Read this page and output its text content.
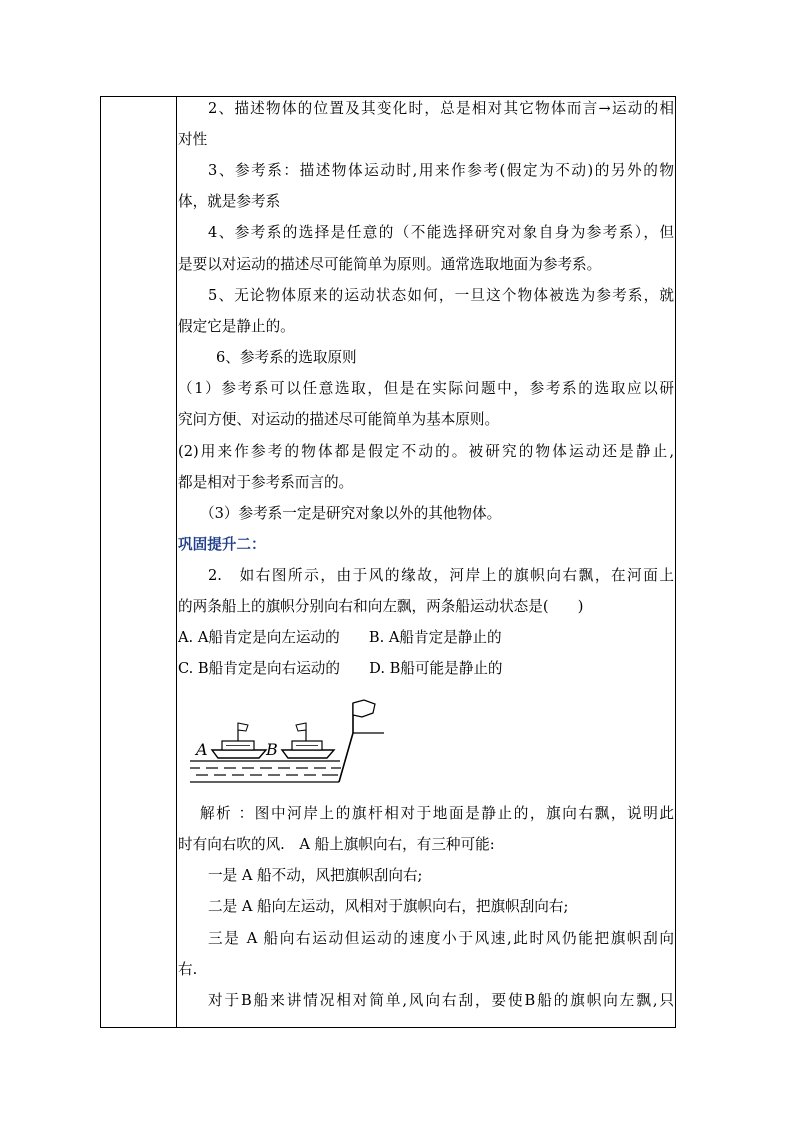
2、描述物体的位置及其变化时，总是相对其它物体而言→运动的相
对性
3、参考系：描述物体运动时,用来作参考(假定为不动)的另外的物
体，就是参考系
4、参考系的选择是任意的（不能选择研究对象自身为参考系），但
是要以对运动的描述尽可能简单为原则。通常选取地面为参考系。
5、无论物体原来的运动状态如何，一旦这个物体被选为参考系，就
假定它是静止的。
6、参考系的选取原则
（1）参考系可以任意选取，但是在实际问题中，参考系的选取应以研
究问方便、对运动的描述尽可能简单为基本原则。
(2)用来作参考的物体都是假定不动的。被研究的物体运动还是静止,
都是相对于参考系而言的。
（3）参考系一定是研究对象以外的其他物体。
巩固提升二：
2.　如右图所示，由于风的缘故，河岸上的旗帜向右飘，在河面上
的两条船上的旗帜分别向右和向左飘，两条船运动状态是(　　)
A. A船肯定是向左运动的　　B. A船肯定是静止的
C. B船肯定是向右运动的　　D. B船可能是静止的
A	B
解析 ：图中河岸上的旗杆相对于地面是静止的，旗向右飘，说明此
时有向右吹的风.　A 船上旗帜向右，有三种可能:
一是 A 船不动，风把旗帜刮向右;
二是 A 船向左运动，风相对于旗帜向右，把旗帜刮向右;
三是 A 船向右运动但运动的速度小于风速,此时风仍能把旗帜刮向
右.
对于B船来讲情况相对简单,风向右刮，要使B船的旗帜向左飘,只
